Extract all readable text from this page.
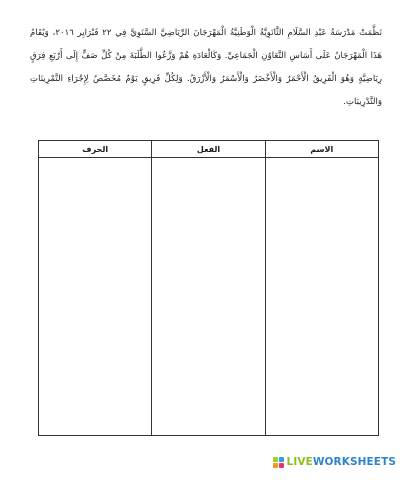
نَظَّمَتْ مَدْرَسَةُ عَبْدِ السَّلَامِ الثَّانَوِيَّةُ الْوَطَنِيَّةُ الْمَهْرَجَانَ الرِّيَاضِيَّ السَّنَوِيَّ فِي ٢٢ فَبْرَايِر ٢٠١٦، وَيُقَامُ هَذَا الْمَهْرَجَانُ عَلَى أَسَاسِ التَّعَاوُنِ الْجَمَاعِيِّ. وَكَالْعَادَةِ هُمْ وَزَّعُوا الطَّلَبَةَ مِنْ كُلِّ صَفٍّ إِلَى أَرْبَعِ فِرَقٍ رِيَاضِيَّةٍ وَهُوَ الْفَرِيقُ الْأَحْمَرُ وَالْأَخْضَرُ وَالْأَسْمَرُ وَالْأَزْرَقُ. وَلِكُلِّ فَرِيقٍ يَوْمٌ مُخَصَّصٌ لِإِجْرَاءِ التَّمْرِينَاتِ وَالتَّدْرِيبَاتِ.

الاسم	الفعل	الحرف

LIVEWORKSHEETS
